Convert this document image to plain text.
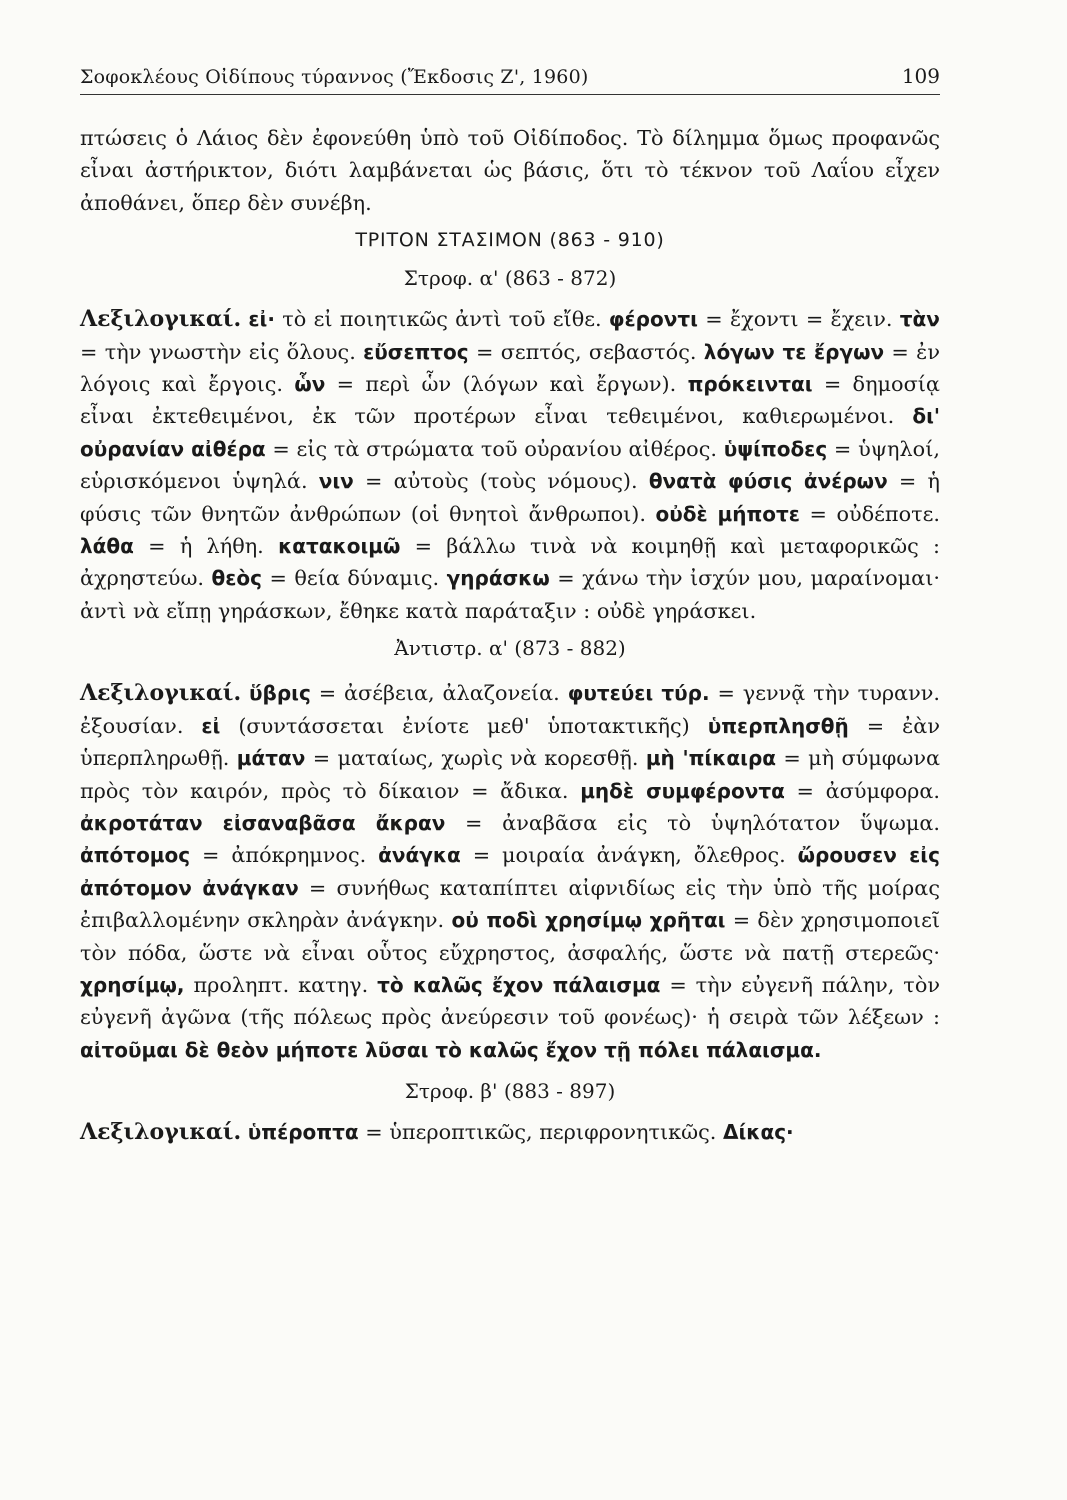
Σοφοκλέους Οἰδίπους τύραννος (Ἔκδοσις Ζ', 1960)	109

πτώσεις ὁ Λάιος δὲν ἐφονεύθη ὑπὸ τοῦ Οἰδίποδος. Τὸ δίλημμα ὅμως προφανῶς εἶναι ἀστήρικτον, διότι λαμβάνεται ὡς βάσις, ὅτι τὸ τέκνον τοῦ Λαΐου εἶχεν ἀποθάνει, ὅπερ δὲν συνέβη.

ΤΡΙΤΟΝ ΣΤΑΣΙΜΟΝ (863 - 910)
Στροφ. α' (863 - 872)

Λεξιλογικαί. εἰ· τὸ εἰ ποιητικῶς ἀντὶ τοῦ εἴθε. φέροντι = ἔχοντι = ἔχειν. τὰν = τὴν γνωστὴν εἰς ὅλους. εὔσεπτος = σεπτός, σεβαστός. λόγων τε ἔργων = ἐν λόγοις καὶ ἔργοις. ὧν = περὶ ὧν (λόγων καὶ ἔργων). πρόκεινται = δημοσίᾳ εἶναι ἐκτεθειμένοι, ἐκ τῶν προτέρων εἶναι τεθειμένοι, καθιερωμένοι. δι' οὐρανίαν αἰθέρα = εἰς τὰ στρώματα τοῦ οὐρανίου αἰθέρος. ὑψίποδες = ὑψηλοί, εὑρισκόμενοι ὑψηλά. νιν = αὐτοὺς (τοὺς νόμους). θνατὰ φύσις ἀνέρων = ἡ φύσις τῶν θνητῶν ἀνθρώπων (οἱ θνητοὶ ἄνθρωποι). οὐδὲ μήποτε = οὐδέποτε. λάθα = ἡ λήθη. κατακοιμῶ = βάλλω τινὰ νὰ κοιμηθῇ καὶ μεταφορικῶς : ἀχρηστεύω. θεὸς = θεία δύναμις. γηράσκω = χάνω τὴν ἰσχύν μου, μαραίνομαι· ἀντὶ νὰ εἴπῃ γηράσκων, ἔθηκε κατὰ παράταξιν : οὐδὲ γηράσκει.

Ἀντιστρ. α' (873 - 882)

Λεξιλογικαί. ὕβρις = ἀσέβεια, ἀλαζονεία. φυτεύει τύρ. = γεννᾷ τὴν τυρανν. ἐξουσίαν. εἰ (συντάσσεται ἐνίοτε μεθ' ὑποτακτικῆς) ὑπερπλησθῇ = ἐὰν ὑπερπληρωθῇ. μάταν = ματαίως, χωρὶς νὰ κορεσθῇ. μὴ 'πίκαιρα = μὴ σύμφωνα πρὸς τὸν καιρόν, πρὸς τὸ δίκαιον = ἄδικα. μηδὲ συμφέροντα = ἀσύμφορα. ἀκροτάταν εἰσαναβᾶσα ἄκραν = ἀναβᾶσα εἰς τὸ ὑψηλότατον ὕψωμα. ἀπότομος = ἀπόκρημνος. ἀνάγκα = μοιραία ἀνάγκη, ὄλεθρος. ὤρουσεν εἰς ἀπότομον ἀνάγκαν = συνήθως καταπίπτει αἰφνιδίως εἰς τὴν ὑπὸ τῆς μοίρας ἐπιβαλλομένην σκληρὰν ἀνάγκην. οὐ ποδὶ χρησίμῳ χρῆται = δὲν χρησιμοποιεῖ τὸν πόδα, ὥστε νὰ εἶναι οὗτος εὔχρηστος, ἀσφαλής, ὥστε νὰ πατῇ στερεῶς· χρησίμῳ, προληπτ. κατηγ. τὸ καλῶς ἔχον πάλαισμα = τὴν εὐγενῆ πάλην, τὸν εὐγενῆ ἀγῶνα (τῆς πόλεως πρὸς ἀνεύρεσιν τοῦ φονέως)· ἡ σειρὰ τῶν λέξεων : αἰτοῦμαι δὲ θεὸν μήποτε λῦσαι τὸ καλῶς ἔχον τῇ πόλει πάλαισμα.

Στροφ. β' (883 - 897)

Λεξιλογικαί. ὑπέροπτα = ὑπεροπτικῶς, περιφρονητικῶς. Δίκας·
